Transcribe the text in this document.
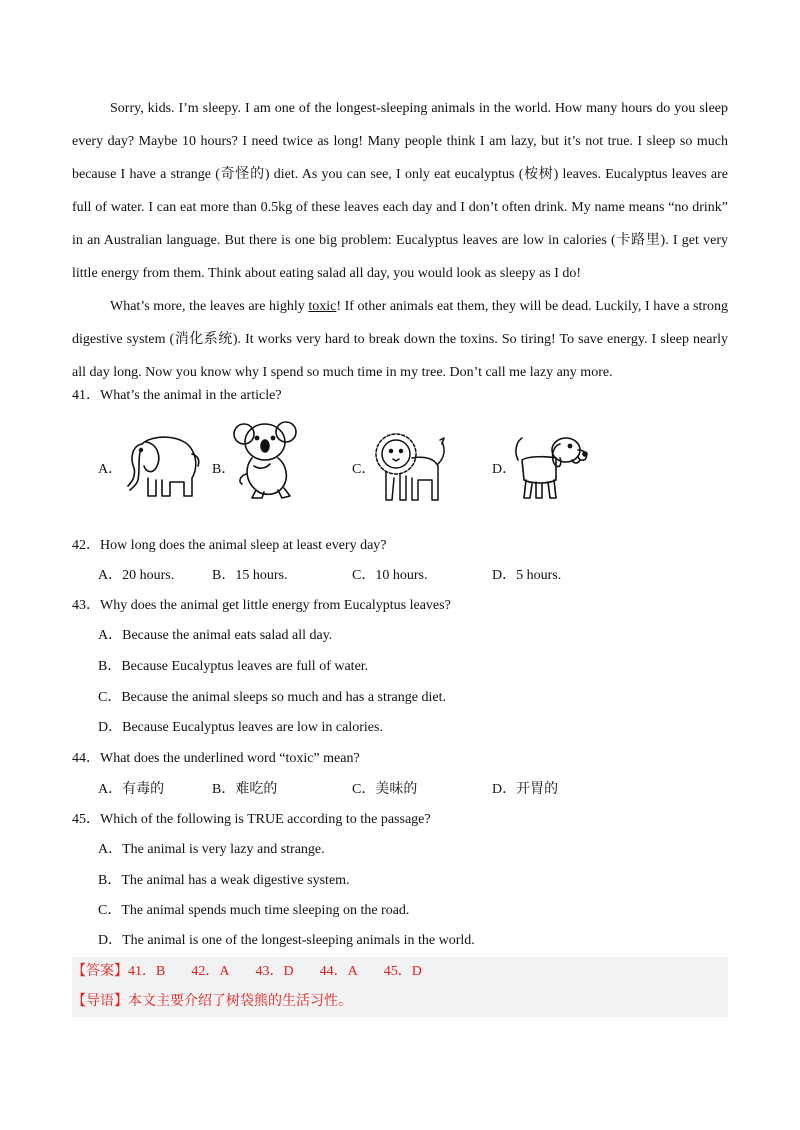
Sorry, kids. I’m sleepy. I am one of the longest-sleeping animals in the world. How many hours do you sleep every day? Maybe 10 hours? I need twice as long! Many people think I am lazy, but it’s not true. I sleep so much because I have a strange (奇怪的) diet. As you can see, I only eat eucalyptus (桉树) leaves. Eucalyptus leaves are full of water. I can eat more than 0.5kg of these leaves each day and I don’t often drink. My name means “no drink” in an Australian language. But there is one big problem: Eucalyptus leaves are low in calories (卡路里). I get very little energy from them. Think about eating salad all day, you would look as sleepy as I do!

What’s more, the leaves are highly toxic! If other animals eat them, they will be dead. Luckily, I have a strong digestive system (消化系统). It works very hard to break down the toxins. So tiring! To save energy. I sleep nearly all day long. Now you know why I spend so much time in my tree. Don’t call me lazy any more.

41．What’s the animal in the article?
A．	B．	C．	D．
42．How long does the animal sleep at least every day?
A．20 hours.	B．15 hours.	C．10 hours.	D．5 hours.
43．Why does the animal get little energy from Eucalyptus leaves?
A．Because the animal eats salad all day.
B．Because Eucalyptus leaves are full of water.
C．Because the animal sleeps so much and has a strange diet.
D．Because Eucalyptus leaves are low in calories.
44．What does the underlined word “toxic” mean?
A．有毒的	B．难吃的	C．美味的	D．开胃的
45．Which of the following is TRUE according to the passage?
A．The animal is very lazy and strange.
B．The animal has a weak digestive system.
C．The animal spends much time sleeping on the road.
D．The animal is one of the longest-sleeping animals in the world.
【答案】41．B 42．A 43．D 44．A 45．D
【导语】本文主要介绍了树袋熊的生活习性。
